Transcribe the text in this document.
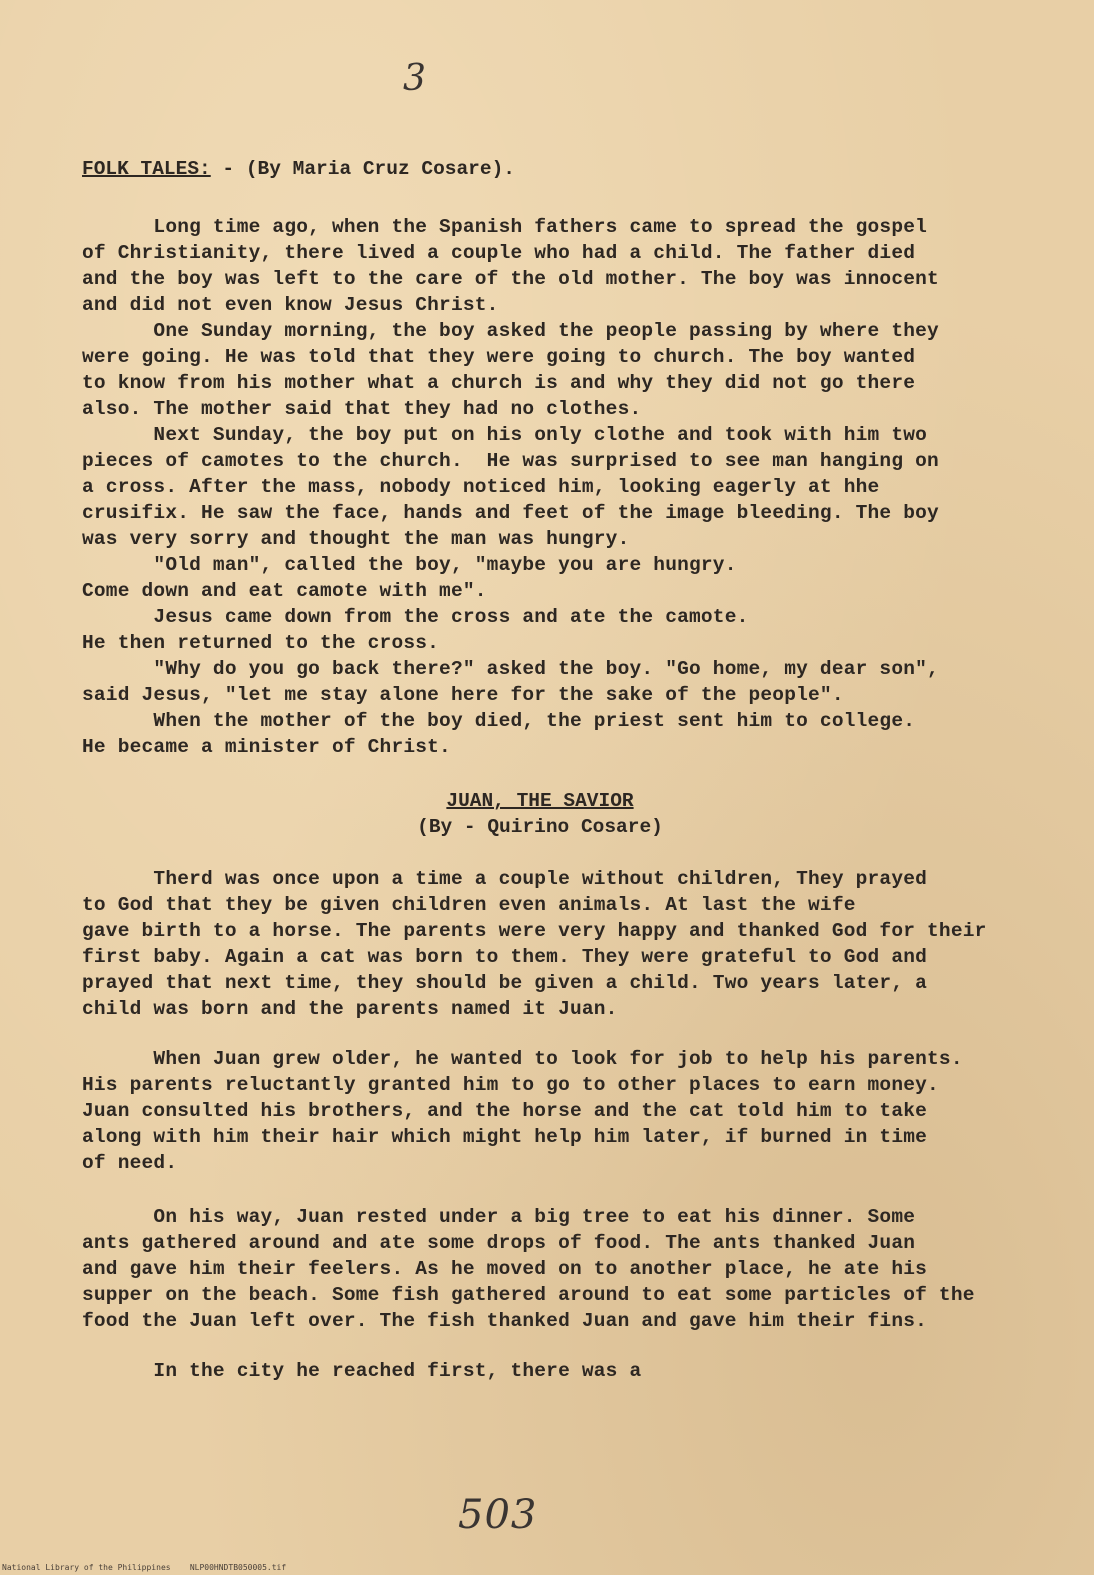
3

FOLK TALES: - (By Maria Cruz Cosare).

Long time ago, when the Spanish fathers came to spread the gospel
of Christianity, there lived a couple who had a child. The father died
and the boy was left to the care of the old mother. The boy was innocent
and did not even know Jesus Christ.

One Sunday morning, the boy asked the people passing by where they
were going. He was told that they were going to church. The boy wanted
to know from his mother what a church is and why they did not go there
also. The mother said that they had no clothes.

Next Sunday, the boy put on his only clothe and took with him two
pieces of camotes to the church.  He was surprised to see man hanging on
a cross. After the mass, nobody noticed him, looking eagerly at hhe
crusifix. He saw the face, hands and feet of the image bleeding. The boy
was very sorry and thought the man was hungry.

"Old man", called the boy, "maybe you are hungry.
Come down and eat camote with me".

Jesus came down from the cross and ate the camote.
He then returned to the cross.

"Why do you go back there?" asked the boy. "Go home, my dear son",
said Jesus, "let me stay alone here for the sake of the people".

When the mother of the boy died, the priest sent him to college.
He became a minister of Christ.

JUAN, THE SAVIOR

(By - Quirino Cosare)

Therd was once upon a time a couple without children, They prayed
to God that they be given children even animals. At last the wife
gave birth to a horse. The parents were very happy and thanked God for their
first baby. Again a cat was born to them. They were grateful to God and
prayed that next time, they should be given a child. Two years later, a
child was born and the parents named it Juan.

When Juan grew older, he wanted to look for job to help his parents.
His parents reluctantly granted him to go to other places to earn money.
Juan consulted his brothers, and the horse and the cat told him to take
along with him their hair which might help him later, if burned in time
of need.

On his way, Juan rested under a big tree to eat his dinner. Some
ants gathered around and ate some drops of food. The ants thanked Juan
and gave him their feelers. As he moved on to another place, he ate his
supper on the beach. Some fish gathered around to eat some particles of the
food the Juan left over. The fish thanked Juan and gave him their fins.

In the city he reached first, there was a

503
National Library of the Philippines    NLP00HNDTB050005.tif
